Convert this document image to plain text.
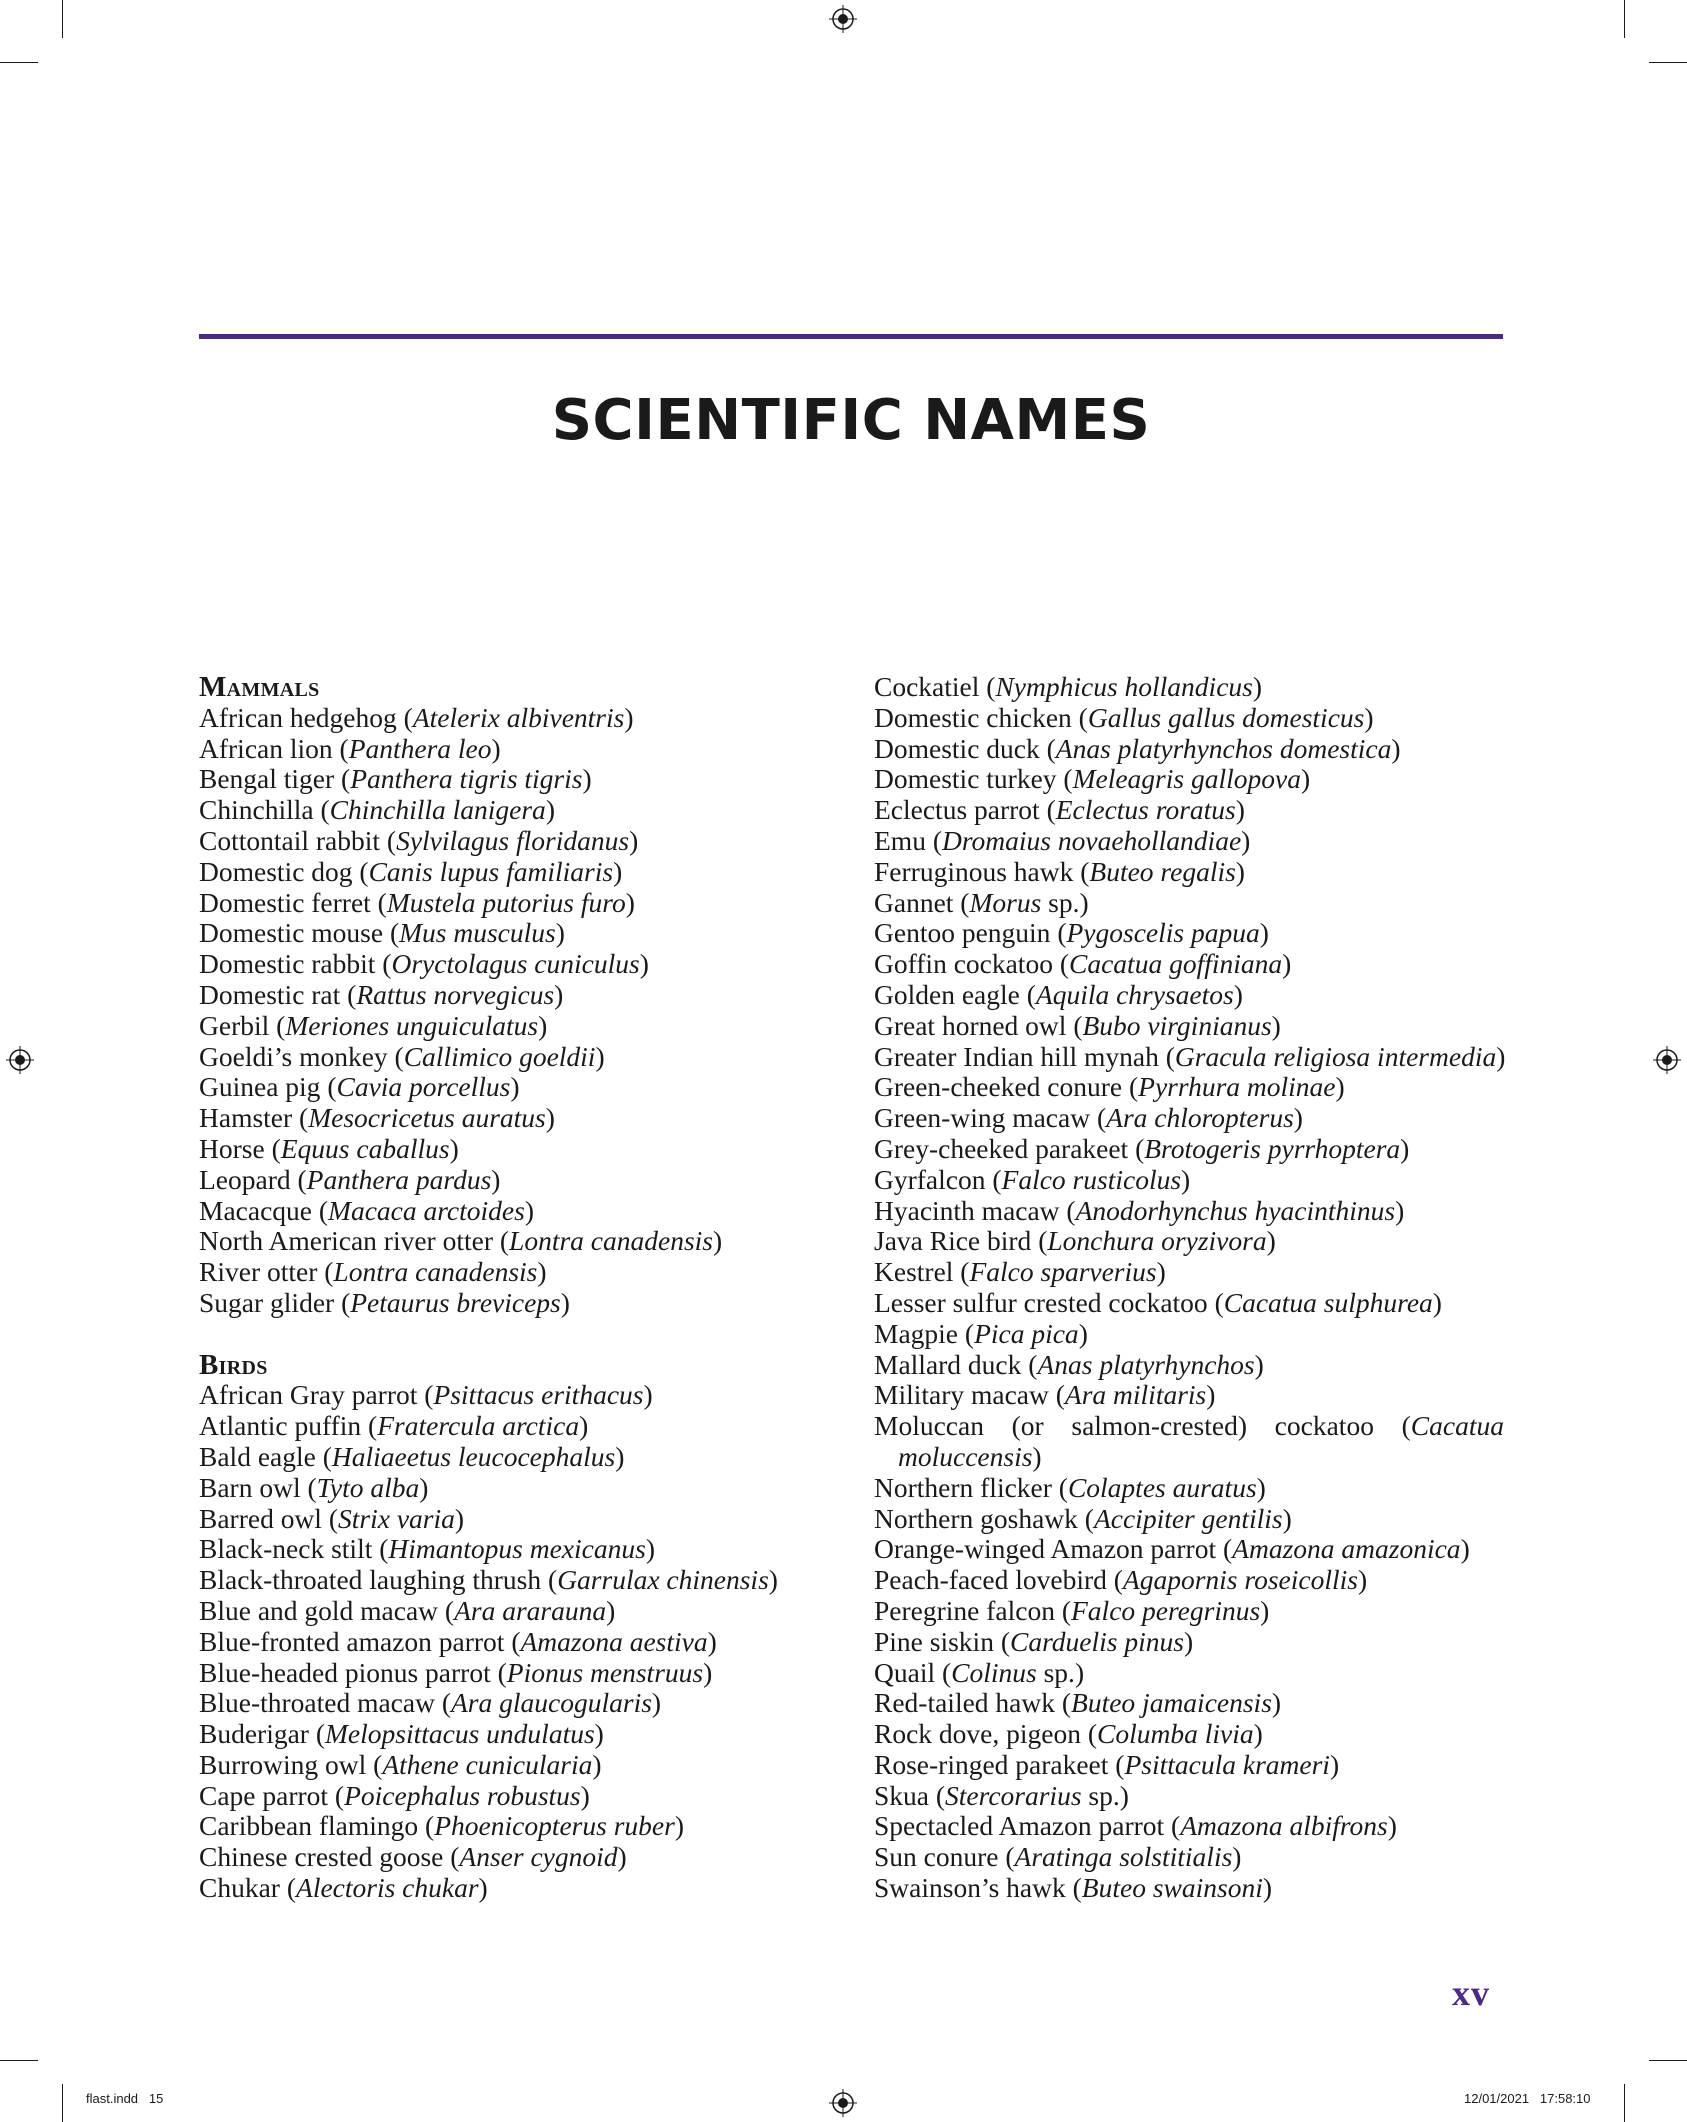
SCIENTIFIC NAMES
Mammals
African hedgehog (Atelerix albiventris)
African lion (Panthera leo)
Bengal tiger (Panthera tigris tigris)
Chinchilla (Chinchilla lanigera)
Cottontail rabbit (Sylvilagus floridanus)
Domestic dog (Canis lupus familiaris)
Domestic ferret (Mustela putorius furo)
Domestic mouse (Mus musculus)
Domestic rabbit (Oryctolagus cuniculus)
Domestic rat (Rattus norvegicus)
Gerbil (Meriones unguiculatus)
Goeldi’s monkey (Callimico goeldii)
Guinea pig (Cavia porcellus)
Hamster (Mesocricetus auratus)
Horse (Equus caballus)
Leopard (Panthera pardus)
Macacque (Macaca arctoides)
North American river otter (Lontra canadensis)
River otter (Lontra canadensis)
Sugar glider (Petaurus breviceps)
Birds
African Gray parrot (Psittacus erithacus)
Atlantic puffin (Fratercula arctica)
Bald eagle (Haliaeetus leucocephalus)
Barn owl (Tyto alba)
Barred owl (Strix varia)
Black-neck stilt (Himantopus mexicanus)
Black-throated laughing thrush (Garrulax chinensis)
Blue and gold macaw (Ara ararauna)
Blue-fronted amazon parrot (Amazona aestiva)
Blue-headed pionus parrot (Pionus menstruus)
Blue-throated macaw (Ara glaucogularis)
Buderigar (Melopsittacus undulatus)
Burrowing owl (Athene cunicularia)
Cape parrot (Poicephalus robustus)
Caribbean flamingo (Phoenicopterus ruber)
Chinese crested goose (Anser cygnoid)
Chukar (Alectoris chukar)
Cockatiel (Nymphicus hollandicus)
Domestic chicken (Gallus gallus domesticus)
Domestic duck (Anas platyrhynchos domestica)
Domestic turkey (Meleagris gallopova)
Eclectus parrot (Eclectus roratus)
Emu (Dromaius novaehollandiae)
Ferruginous hawk (Buteo regalis)
Gannet (Morus sp.)
Gentoo penguin (Pygoscelis papua)
Goffin cockatoo (Cacatua goffiniana)
Golden eagle (Aquila chrysaetos)
Great horned owl (Bubo virginianus)
Greater Indian hill mynah (Gracula religiosa intermedia)
Green-cheeked conure (Pyrrhura molinae)
Green-wing macaw (Ara chloropterus)
Grey-cheeked parakeet (Brotogeris pyrrhoptera)
Gyrfalcon (Falco rusticolus)
Hyacinth macaw (Anodorhynchus hyacinthinus)
Java Rice bird (Lonchura oryzivora)
Kestrel (Falco sparverius)
Lesser sulfur crested cockatoo (Cacatua sulphurea)
Magpie (Pica pica)
Mallard duck (Anas platyrhynchos)
Military macaw (Ara militaris)
Moluccan (or salmon-crested) cockatoo (Cacatua
moluccensis)
Northern flicker (Colaptes auratus)
Northern goshawk (Accipiter gentilis)
Orange-winged Amazon parrot (Amazona amazonica)
Peach-faced lovebird (Agapornis roseicollis)
Peregrine falcon (Falco peregrinus)
Pine siskin (Carduelis pinus)
Quail (Colinus sp.)
Red-tailed hawk (Buteo jamaicensis)
Rock dove, pigeon (Columba livia)
Rose-ringed parakeet (Psittacula krameri)
Skua (Stercorarius sp.)
Spectacled Amazon parrot (Amazona albifrons)
Sun conure (Aratinga solstitialis)
Swainson’s hawk (Buteo swainsoni)
xv
flast.indd   15	12/01/2021   17:58:10
